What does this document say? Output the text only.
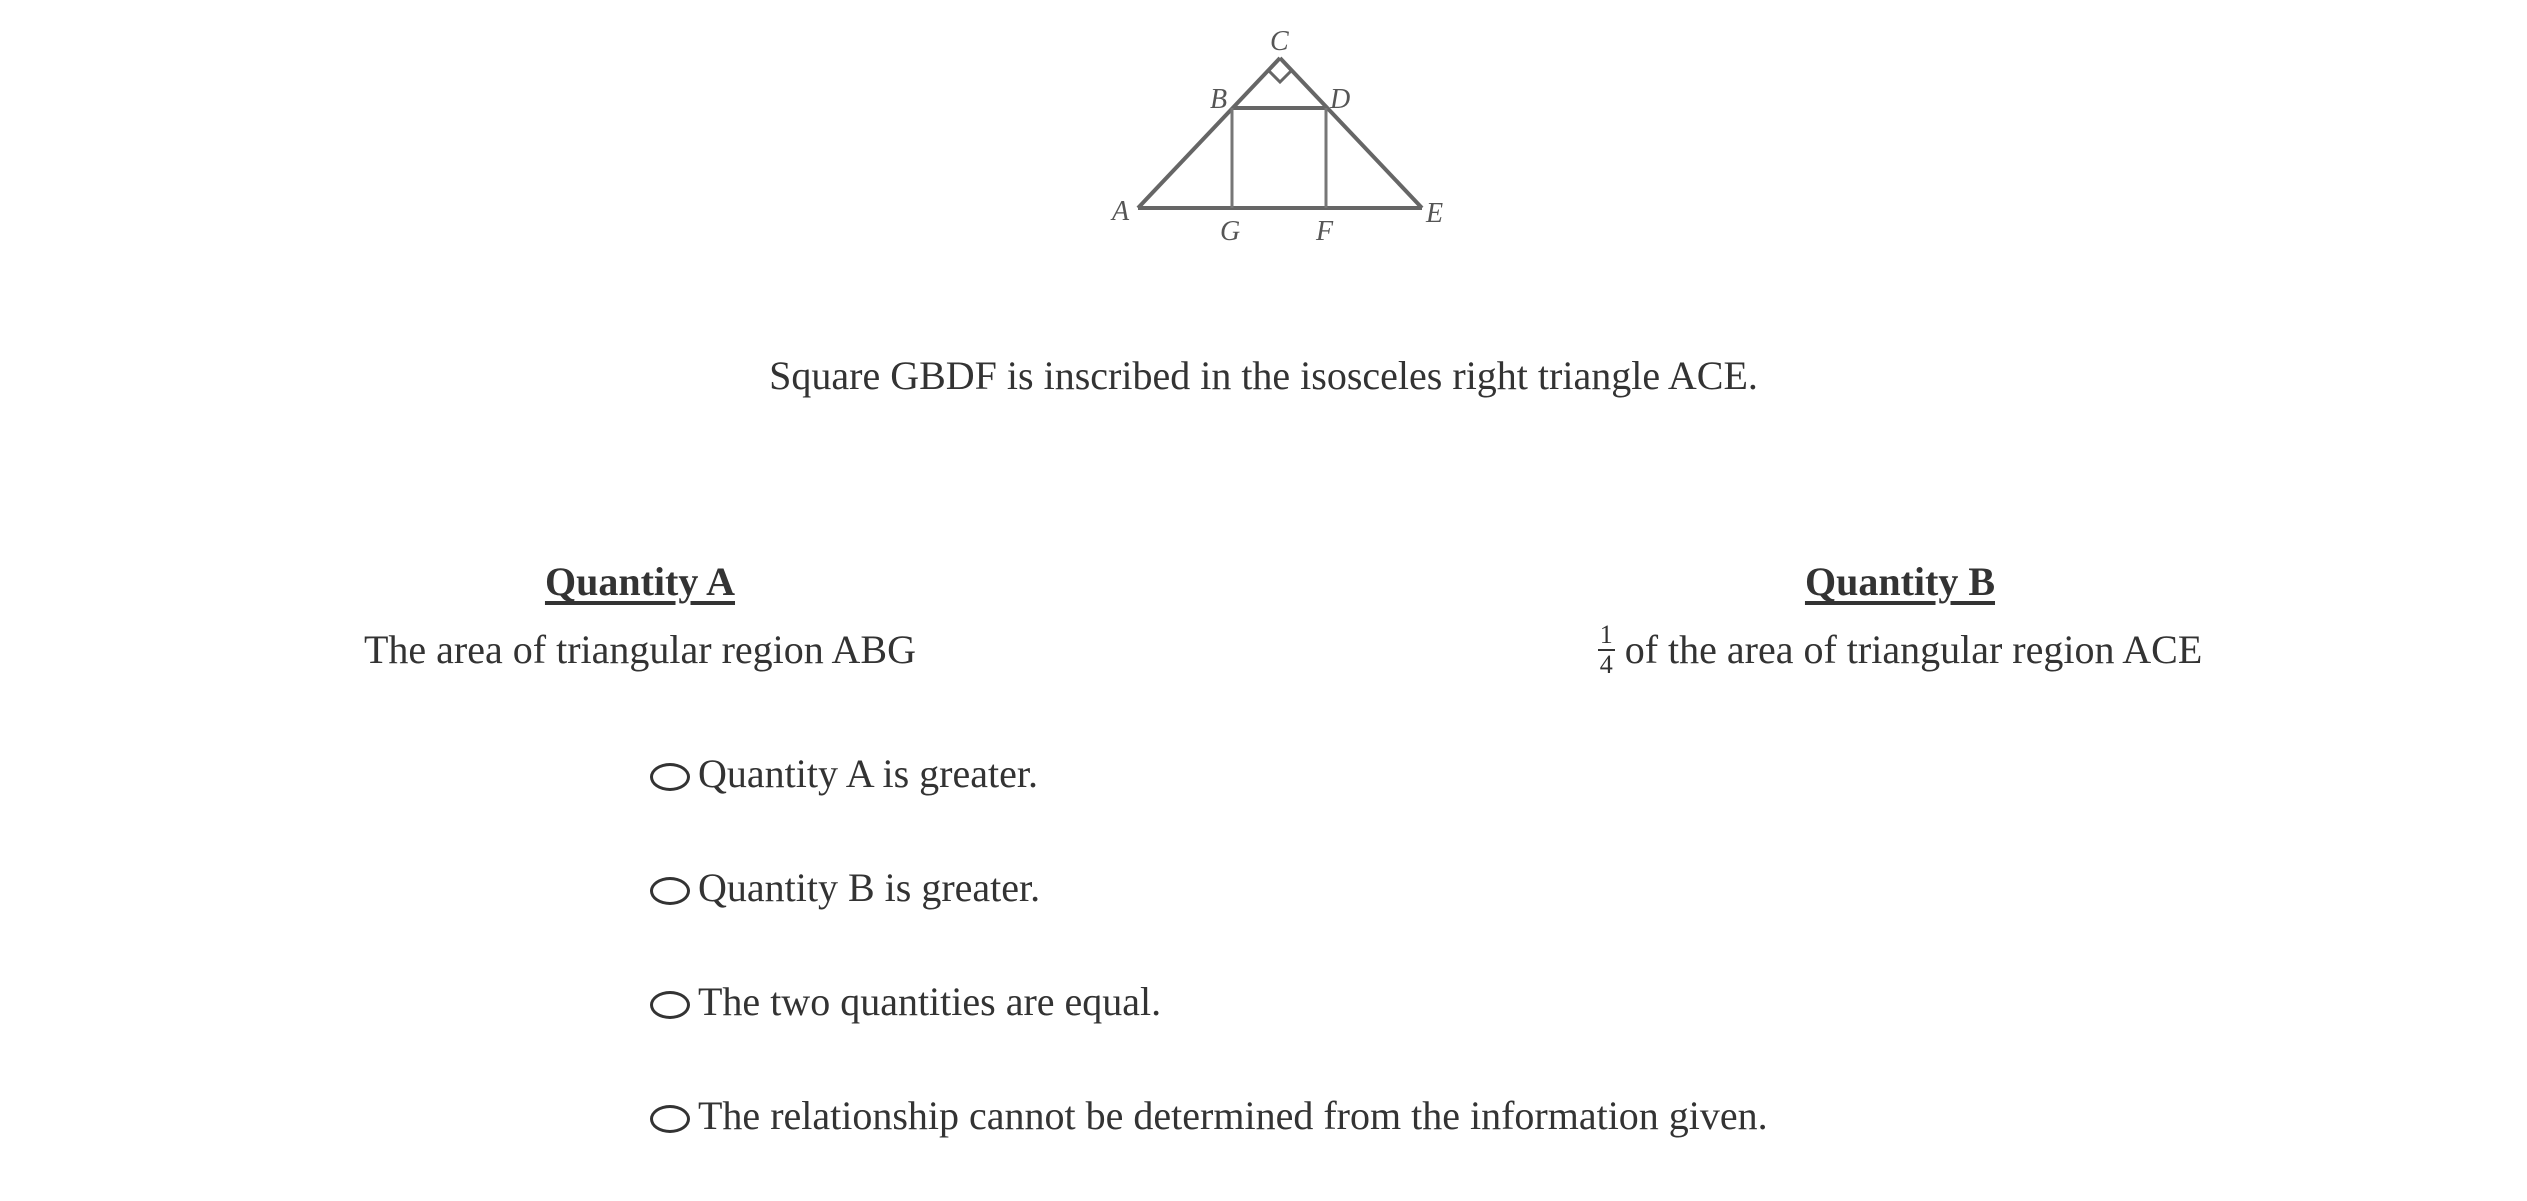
C
B	D
A
G	F
E
Square GBDF is inscribed in the isosceles right triangle ACE.
Quantity A
The area of triangular region ABG
Quantity B
$\frac{1}{4}$ of the area of triangular region ACE
Quantity A is greater.
Quantity B is greater.
The two quantities are equal.
The relationship cannot be determined from the information given.
